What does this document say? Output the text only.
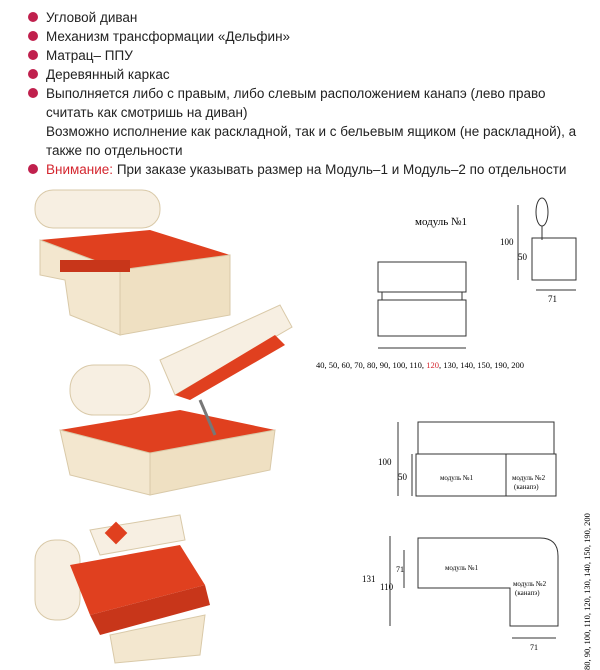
Угловой диван
Механизм трансформации «Дельфин»
Матрац– ППУ
Деревянный каркас
Выполняется либо с правым, либо слевым расположением канапэ (лево право считать как смотришь на диван)
Возможно исполнение как раскладной, так и с бельевым ящиком (не раскладной), а также по отдельности
Внимание: При заказе указывать размер на Модуль–1 и Модуль–2 по отдельности
модуль №1
100
50
71
40, 50, 60, 70, 80, 90, 100, 110, 120, 130, 140, 150, 190, 200
100
50	модуль №1	модуль №2
(канапэ)
131
110
71	модуль №1
модуль №2
(канапэ)
71	80, 90, 100, 110, 120, 130, 140, 150, 190, 200
